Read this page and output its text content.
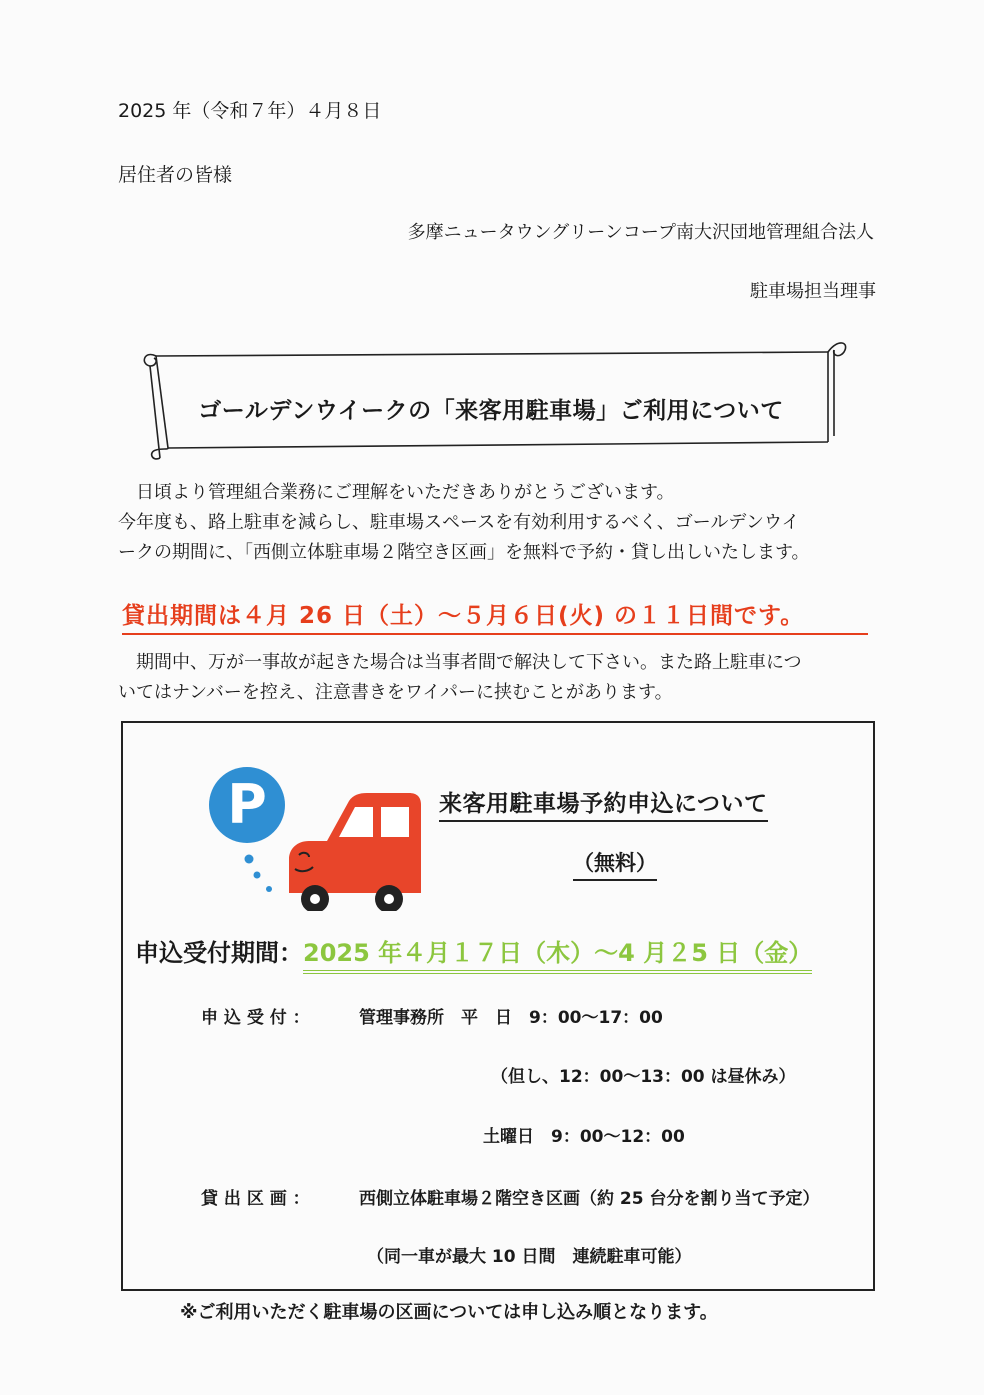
2025 年（令和７年）４月８日
居住者の皆様
多摩ニュータウングリーンコープ南大沢団地管理組合法人
駐車場担当理事
ゴールデンウイークの「来客用駐車場」ご利用について
　日頃より管理組合業務にご理解をいただきありがとうございます。
今年度も、路上駐車を減らし、駐車場スペースを有効利用するべく、ゴールデンウイ
ークの期間に、「西側立体駐車場２階空き区画」を無料で予約・貸し出しいたします。
貸出期間は４月 26 日（土）～５月６日(火) の１１日間です。
　期間中、万が一事故が起きた場合は当事者間で解決して下さい。また路上駐車につ
いてはナンバーを控え、注意書きをワイパーに挟むことがあります。
P	来客用駐車場予約申込について
（無料）
申込受付期間：2025 年４月１７日（木）～4 月２5 日（金）
申 込 受 付 ：	管理事務所　平　日　9：00～17：00
（但し、12：00～13：00 は昼休み）
土曜日　9：00～12：00
貸 出 区 画 ：	西側立体駐車場２階空き区画（約 25 台分を割り当て予定）
（同一車が最大 10 日間　連続駐車可能）
※ご利用いただく駐車場の区画については申し込み順となります。
